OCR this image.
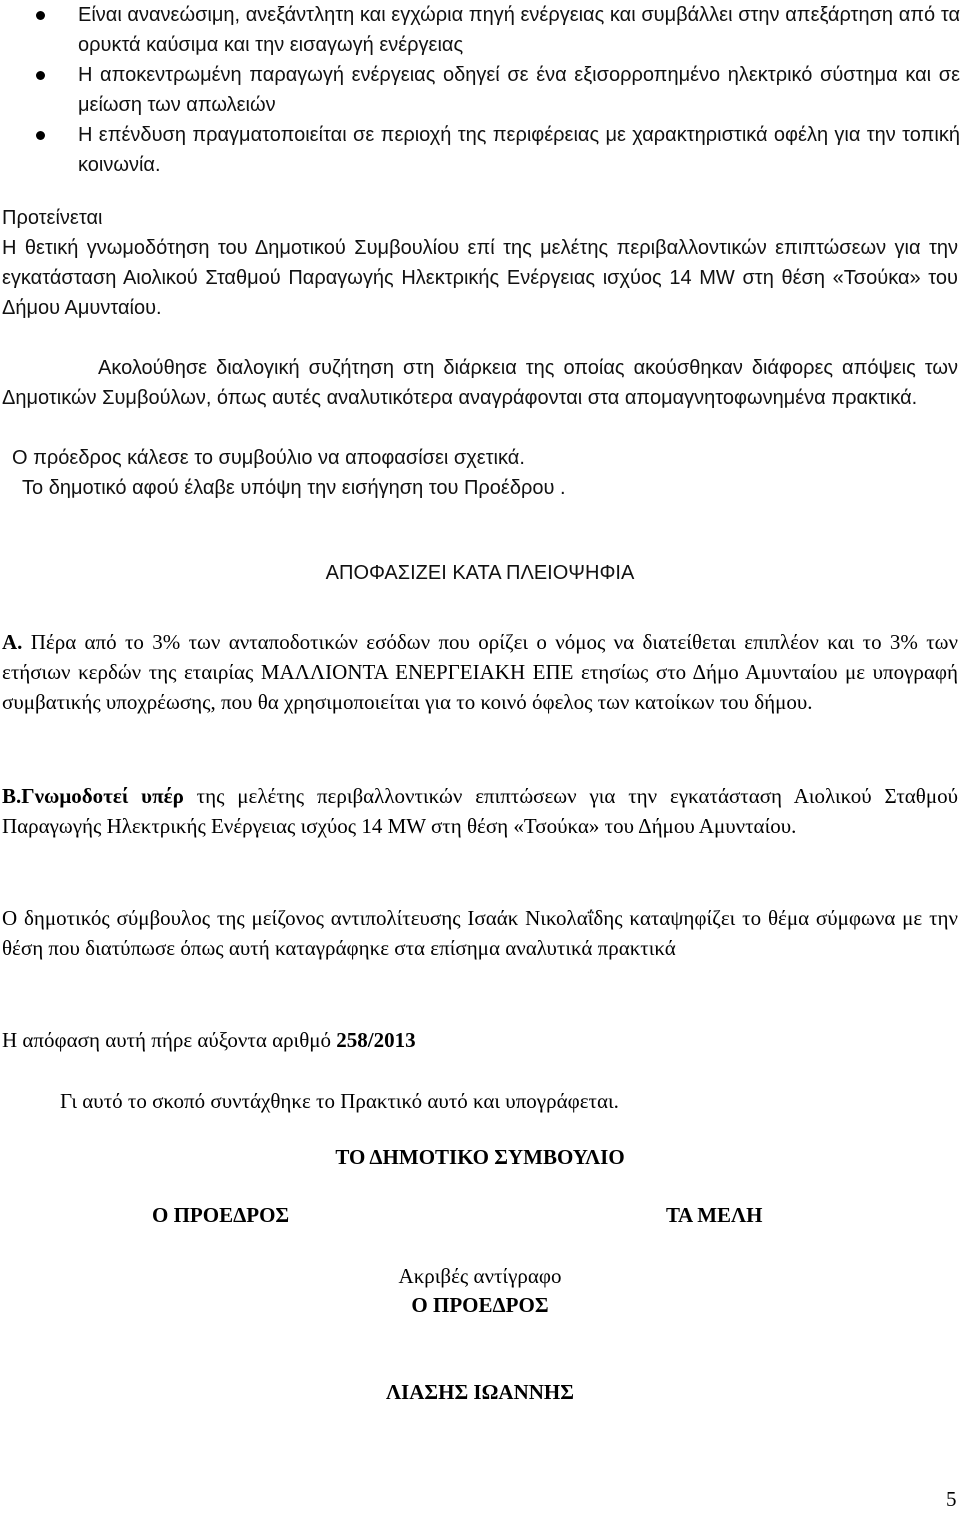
Είναι ανανεώσιμη, ανεξάντλητη και εγχώρια πηγή ενέργειας και συμβάλλει στην απεξάρτηση από τα ορυκτά καύσιμα και την εισαγωγή ενέργειας
Η αποκεντρωμένη παραγωγή ενέργειας οδηγεί σε ένα εξισορροπημένο ηλεκτρικό σύστημα και σε μείωση των απωλειών
Η επένδυση πραγματοποιείται σε περιοχή της περιφέρειας με χαρακτηριστικά οφέλη για την τοπική κοινωνία.
Προτείνεται
Η θετική γνωμοδότηση του Δημοτικού Συμβουλίου επί της μελέτης περιβαλλοντικών επιπτώσεων για την εγκατάσταση Αιολικού Σταθμού Παραγωγής Ηλεκτρικής Ενέργειας ισχύος 14 MW στη θέση «Τσούκα» του Δήμου Αμυνταίου.
Ακολούθησε διαλογική συζήτηση στη διάρκεια της οποίας ακούσθηκαν διάφορες απόψεις των Δημοτικών Συμβούλων, όπως αυτές αναλυτικότερα αναγράφονται στα απομαγνητοφωνημένα πρακτικά.
Ο πρόεδρος κάλεσε το συμβούλιο να αποφασίσει σχετικά.
Το δημοτικό αφού έλαβε υπόψη την εισήγηση του Προέδρου .
ΑΠΟΦΑΣΙΖΕΙ ΚΑΤΑ ΠΛΕΙΟΨΗΦΙΑ
Α. Πέρα από το 3% των ανταποδοτικών εσόδων που ορίζει ο νόμος να διατείθεται επιπλέον και το 3% των ετήσιων κερδών της εταιρίας ΜΑΛΛΙΟΝΤΑ ΕΝΕΡΓΕΙΑΚΗ ΕΠΕ ετησίως στο Δήμο Αμυνταίου με υπογραφή συμβατικής υποχρέωσης, που θα χρησιμοποιείται για το κοινό όφελος των κατοίκων του δήμου.
Β.Γνωμοδοτεί υπέρ της μελέτης περιβαλλοντικών επιπτώσεων για την εγκατάσταση Αιολικού Σταθμού Παραγωγής Ηλεκτρικής Ενέργειας ισχύος 14 MW στη θέση «Τσούκα» του Δήμου Αμυνταίου.
Ο δημοτικός σύμβουλος της μείζονος αντιπολίτευσης Ισαάκ Νικολαΐδης καταψηφίζει το θέμα σύμφωνα με την θέση που διατύπωσε όπως αυτή καταγράφηκε στα επίσημα αναλυτικά πρακτικά
Η απόφαση αυτή πήρε αύξοντα αριθμό 258/2013
Γι αυτό το σκοπό συντάχθηκε το Πρακτικό αυτό και υπογράφεται.
ΤΟ ΔΗΜΟΤΙΚΟ ΣΥΜΒΟΥΛΙΟ
Ο ΠΡΟΕΔΡΟΣ	ΤΑ ΜΕΛΗ
Ακριβές αντίγραφο
Ο ΠΡΟΕΔΡΟΣ
ΛΙΑΣΗΣ ΙΩΑΝΝΗΣ
5
